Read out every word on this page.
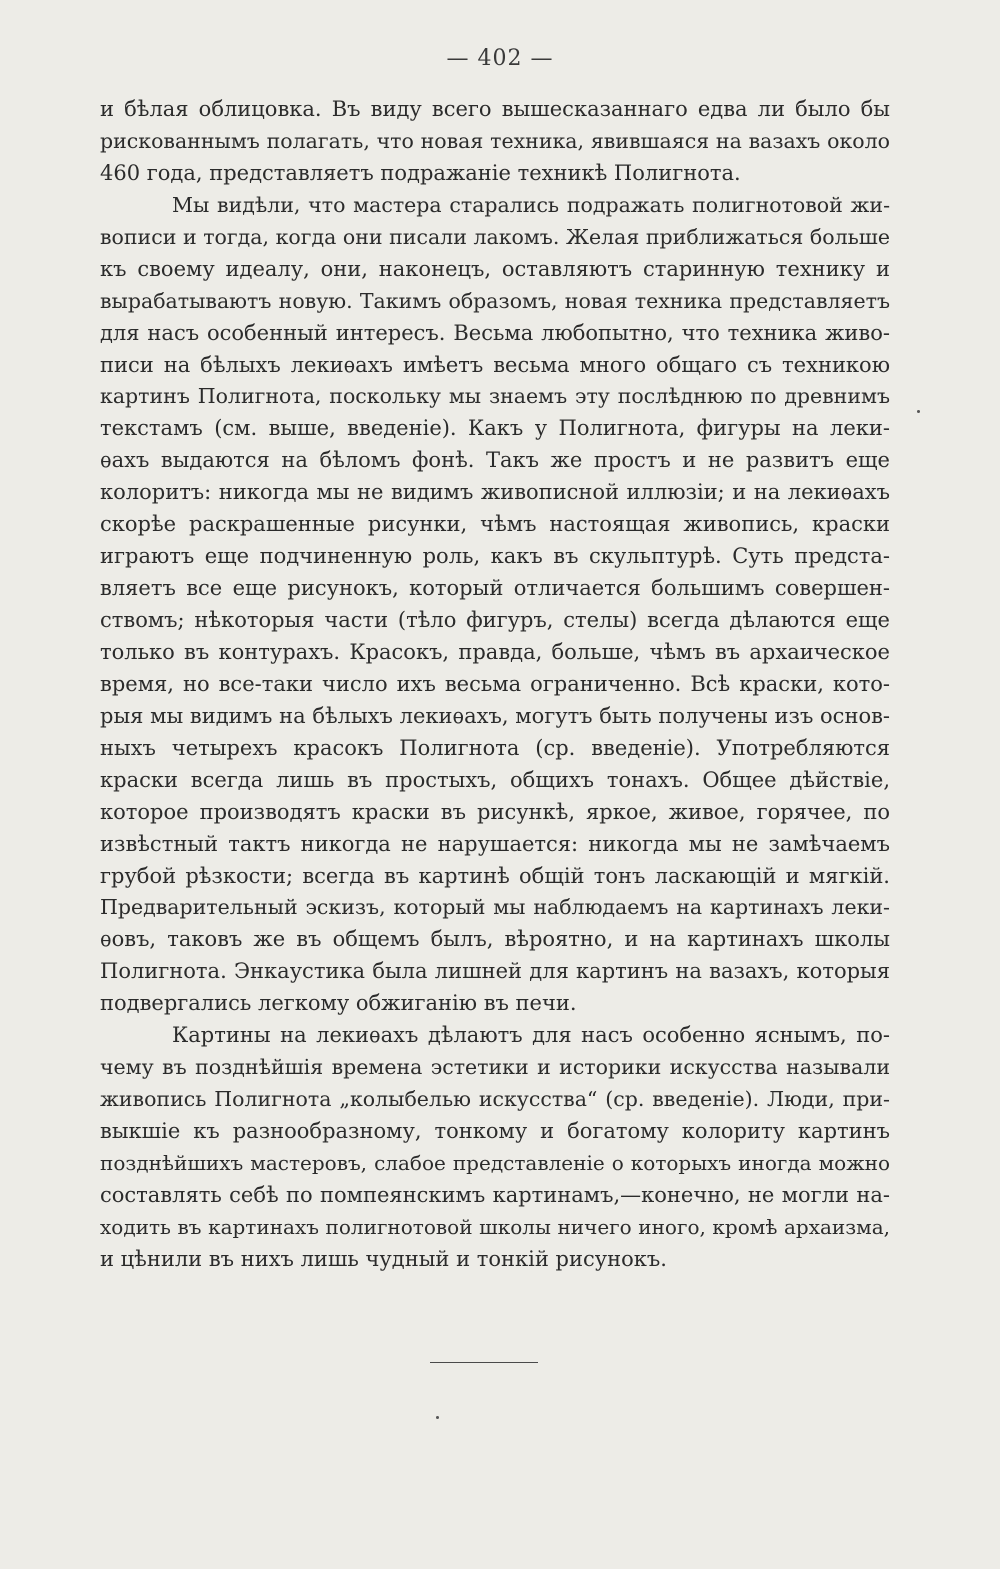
— 402 —
и бѣлая облицовка. Въ виду всего вышесказаннаго едва ли было бы
рискованнымъ полагать, что новая техника, явившаяся на вазахъ около
460 года, представляетъ подражаніе техникѣ Полигнота.
Мы видѣли, что мастера старались подражать полигнотовой жи-
вописи и тогда, когда они писали лакомъ. Желая приближаться больше
къ своему идеалу, они, наконецъ, оставляютъ старинную технику и
вырабатываютъ новую. Такимъ образомъ, новая техника представляетъ
для насъ особенный интересъ. Весьма любопытно, что техника живо-
писи на бѣлыхъ лекиѳахъ имѣетъ весьма много общаго съ техникою
картинъ Полигнота, поскольку мы знаемъ эту послѣднюю по древнимъ
текстамъ (см. выше, введеніе). Какъ у Полигнота, фигуры на леки-
ѳахъ выдаются на бѣломъ фонѣ. Такъ же простъ и не развитъ еще
колоритъ: никогда мы не видимъ живописной иллюзіи; и на лекиѳахъ
скорѣе раскрашенные рисунки, чѣмъ настоящая живопись, краски
играютъ еще подчиненную роль, какъ въ скульптурѣ. Суть предста-
вляетъ все еще рисунокъ, который отличается большимъ совершен-
ствомъ; нѣкоторыя части (тѣло фигуръ, стелы) всегда дѣлаются еще
только въ контурахъ. Красокъ, правда, больше, чѣмъ въ архаическое
время, но все-таки число ихъ весьма ограниченно. Всѣ краски, кото-
рыя мы видимъ на бѣлыхъ лекиѳахъ, могутъ быть получены изъ основ-
ныхъ четырехъ красокъ Полигнота (ср. введеніе). Употребляются
краски всегда лишь въ простыхъ, общихъ тонахъ. Общее дѣйствіе,
которое производятъ краски въ рисункѣ, яркое, живое, горячее, по
извѣстный тактъ никогда не нарушается: никогда мы не замѣчаемъ
грубой рѣзкости; всегда въ картинѣ общій тонъ ласкающій и мягкій.
Предварительный эскизъ, который мы наблюдаемъ на картинахъ леки-
ѳовъ, таковъ же въ общемъ былъ, вѣроятно, и на картинахъ школы
Полигнота. Энкаустика была лишней для картинъ на вазахъ, которыя
подвергались легкому обжиганію въ печи.
Картины на лекиѳахъ дѣлаютъ для насъ особенно яснымъ, по-
чему въ позднѣйшія времена эстетики и историки искусства называли
живопись Полигнота „колыбелью искусства“ (ср. введеніе). Люди, при-
выкшіе къ разнообразному, тонкому и богатому колориту картинъ
позднѣйшихъ мастеровъ, слабое представленіе о которыхъ иногда можно
составлять себѣ по помпеянскимъ картинамъ,—конечно, не могли на-
ходить въ картинахъ полигнотовой школы ничего иного, кромѣ архаизма,
и цѣнили въ нихъ лишь чудный и тонкій рисунокъ.
